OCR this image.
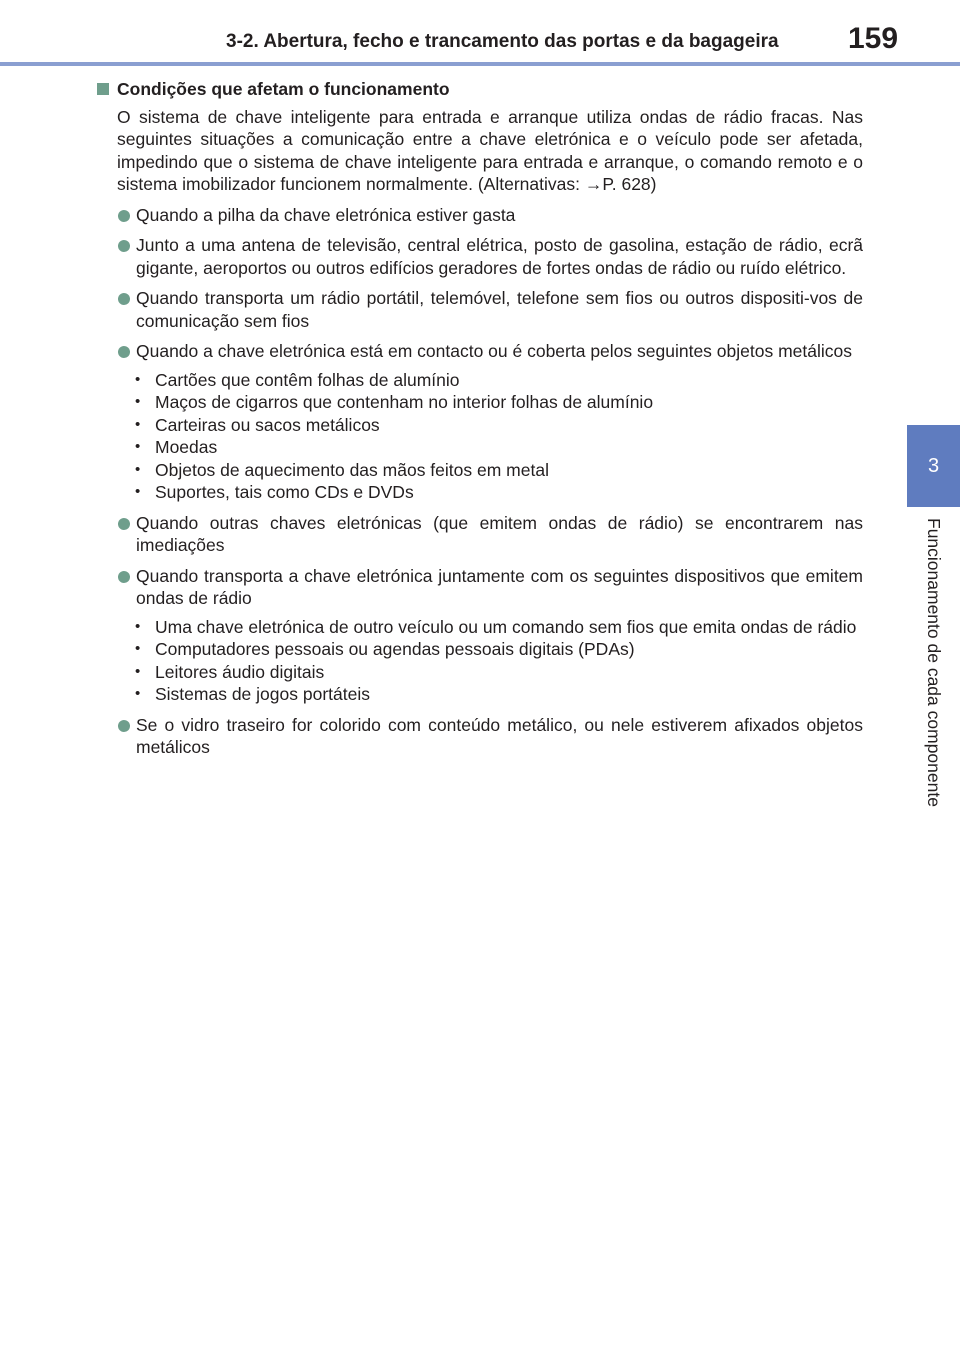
3-2. Abertura, fecho e trancamento das portas e da bagageira 159
3
Funcionamento de cada componente
Condições que afetam o funcionamento
O sistema de chave inteligente para entrada e arranque utiliza ondas de rádio fracas. Nas seguintes situações a comunicação entre a chave eletrónica e o veículo pode ser afetada, impedindo que o sistema de chave inteligente para entrada e arranque, o comando remoto e o sistema imobilizador funcionem normalmente. (Alternativas: →P. 628)
Quando a pilha da chave eletrónica estiver gasta
Junto a uma antena de televisão, central elétrica, posto de gasolina, estação de rádio, ecrã gigante, aeroportos ou outros edifícios geradores de fortes ondas de rádio ou ruído elétrico.
Quando transporta um rádio portátil, telemóvel, telefone sem fios ou outros dispositi-vos de comunicação sem fios
Quando a chave eletrónica está em contacto ou é coberta pelos seguintes objetos metálicos
• Cartões que contêm folhas de alumínio
• Maços de cigarros que contenham no interior folhas de alumínio
• Carteiras ou sacos metálicos
• Moedas
• Objetos de aquecimento das mãos feitos em metal
• Suportes, tais como CDs e DVDs
Quando outras chaves eletrónicas (que emitem ondas de rádio) se encontrarem nas imediações
Quando transporta a chave eletrónica juntamente com os seguintes dispositivos que emitem ondas de rádio
• Uma chave eletrónica de outro veículo ou um comando sem fios que emita ondas de rádio
• Computadores pessoais ou agendas pessoais digitais (PDAs)
• Leitores áudio digitais
• Sistemas de jogos portáteis
Se o vidro traseiro for colorido com conteúdo metálico, ou nele estiverem afixados objetos metálicos
